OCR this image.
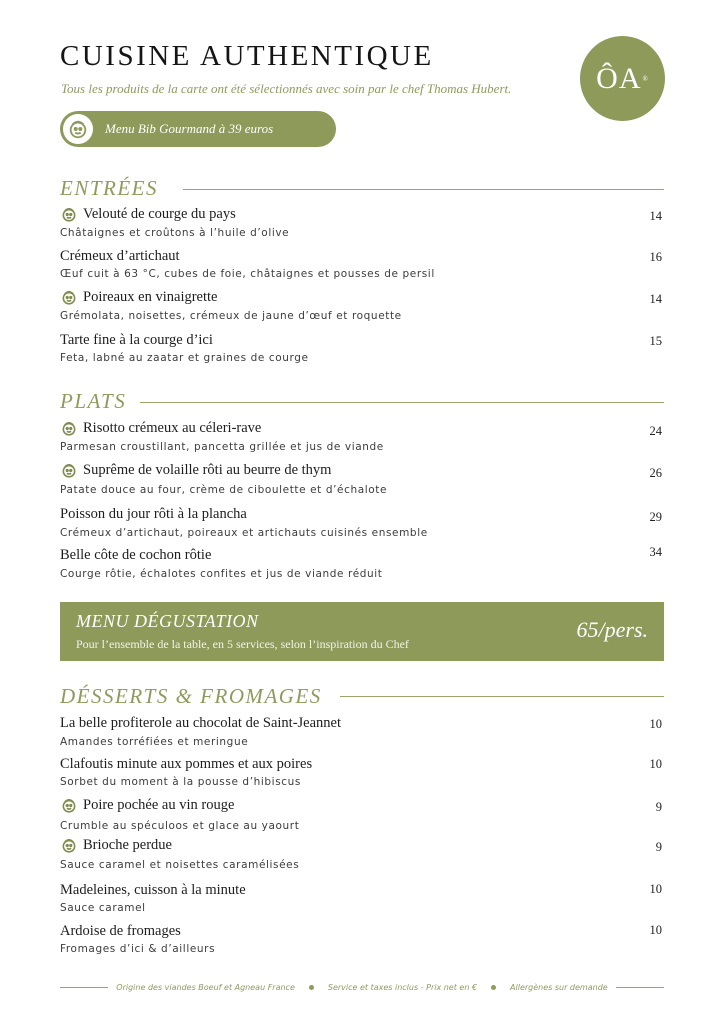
CUISINE AUTHENTIQUE
Tous les produits de la carte ont été sélectionnés avec soin par le chef Thomas Hubert.	ÔA ®
Menu Bib Gourmand à 39 euros
ENTRÉES
Velouté de courge du pays
Châtaignes et croûtons à l’huile d’olive
14
Crémeux d’artichaut
Œuf cuit à 63 °C, cubes de foie, châtaignes et pousses de persil
16
Poireaux en vinaigrette
Grémolata, noisettes, crémeux de jaune d’œuf et roquette
14
Tarte fine à la courge d’ici
Feta, labné au zaatar et graines de courge
15
PLATS
Risotto crémeux au céleri-rave
Parmesan croustillant, pancetta grillée et jus de viande
24
Suprême de volaille rôti au beurre de thym
Patate douce au four, crème de ciboulette et d’échalote
26
Poisson du jour rôti à la plancha
Crémeux d’artichaut, poireaux et artichauts cuisinés ensemble
29
Belle côte de cochon rôtie
Courge rôtie, échalotes confites et jus de viande réduit
34
MENU DÉGUSTATION
Pour l’ensemble de la table, en 5 services, selon l’inspiration du Chef
65/pers.
DÉSSERTS & FROMAGES
La belle profiterole au chocolat de Saint-Jeannet
Amandes torréfiées et meringue
10
Clafoutis minute aux pommes et aux poires
Sorbet du moment à la pousse d’hibiscus
10
Poire pochée au vin rouge
Crumble au spéculoos et glace au yaourt
9
Brioche perdue
Sauce caramel et noisettes caramélisées
9
Madeleines, cuisson à la minute
Sauce caramel
10
Ardoise de fromages
Fromages d’ici & d’ailleurs
10
Origine des viandes Boeuf et Agneau France	Service et taxes inclus - Prix net en €	Allergènes sur demande
